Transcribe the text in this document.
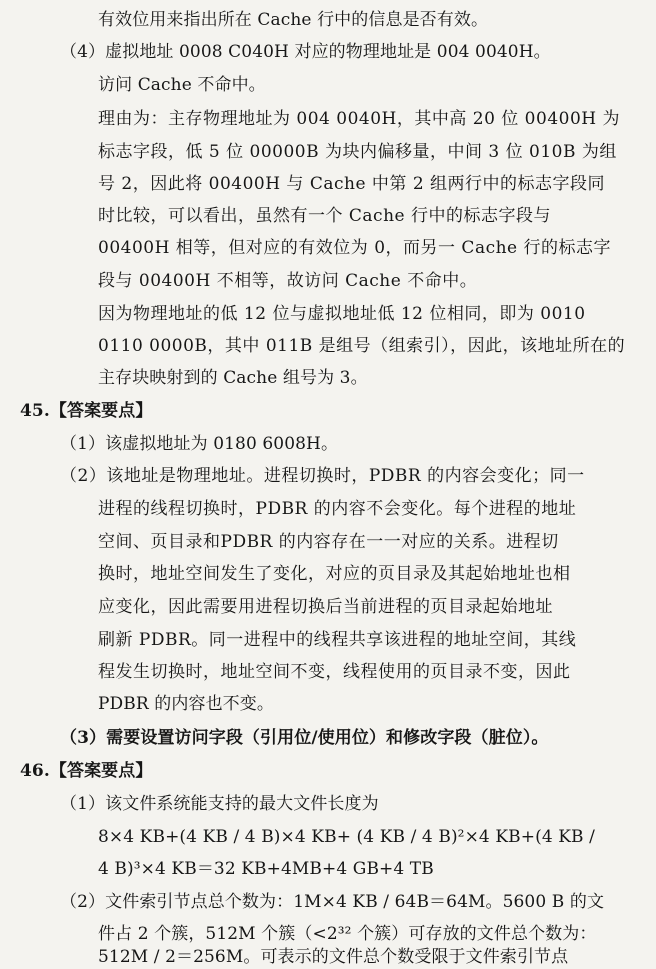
有效位用来指出所在 Cache 行中的信息是否有效。
（4）虚拟地址 0008 C040H 对应的物理地址是 004 0040H。
访问 Cache 不命中。
理由为：主存物理地址为 004 0040H，其中高 20 位 00400H 为
标志字段，低 5 位 00000B 为块内偏移量，中间 3 位 010B 为组
号 2，因此将 00400H 与 Cache 中第 2 组两行中的标志字段同
时比较，可以看出，虽然有一个 Cache 行中的标志字段与
00400H 相等，但对应的有效位为 0，而另一 Cache 行的标志字
段与 00400H 不相等，故访问 Cache 不命中。
因为物理地址的低 12 位与虚拟地址低 12 位相同，即为 0010
0110 0000B，其中 011B 是组号（组索引），因此，该地址所在的
主存块映射到的 Cache 组号为 3。
45.【答案要点】
（1）该虚拟地址为 0180 6008H。
（2）该地址是物理地址。进程切换时，PDBR 的内容会变化；同一
进程的线程切换时，PDBR 的内容不会变化。每个进程的地址
空间、页目录和PDBR 的内容存在一一对应的关系。进程切
换时，地址空间发生了变化，对应的页目录及其起始地址也相
应变化，因此需要用进程切换后当前进程的页目录起始地址
刷新 PDBR。同一进程中的线程共享该进程的地址空间，其线
程发生切换时，地址空间不变，线程使用的页目录不变，因此
PDBR 的内容也不变。
（3）需要设置访问字段（引用位/使用位）和修改字段（脏位）。
46.【答案要点】
（1）该文件系统能支持的最大文件长度为
8×4 KB+(4 KB / 4 B)×4 KB+ (4 KB / 4 B)²×4 KB+(4 KB /
4 B)³×4 KB＝32 KB+4MB+4 GB+4 TB
（2）文件索引节点总个数为：1M×4 KB / 64B＝64M。5600 B 的文
件占 2 个簇，512M 个簇（<2³² 个簇）可存放的文件总个数为：
512M / 2＝256M。可表示的文件总个数受限于文件索引节点
